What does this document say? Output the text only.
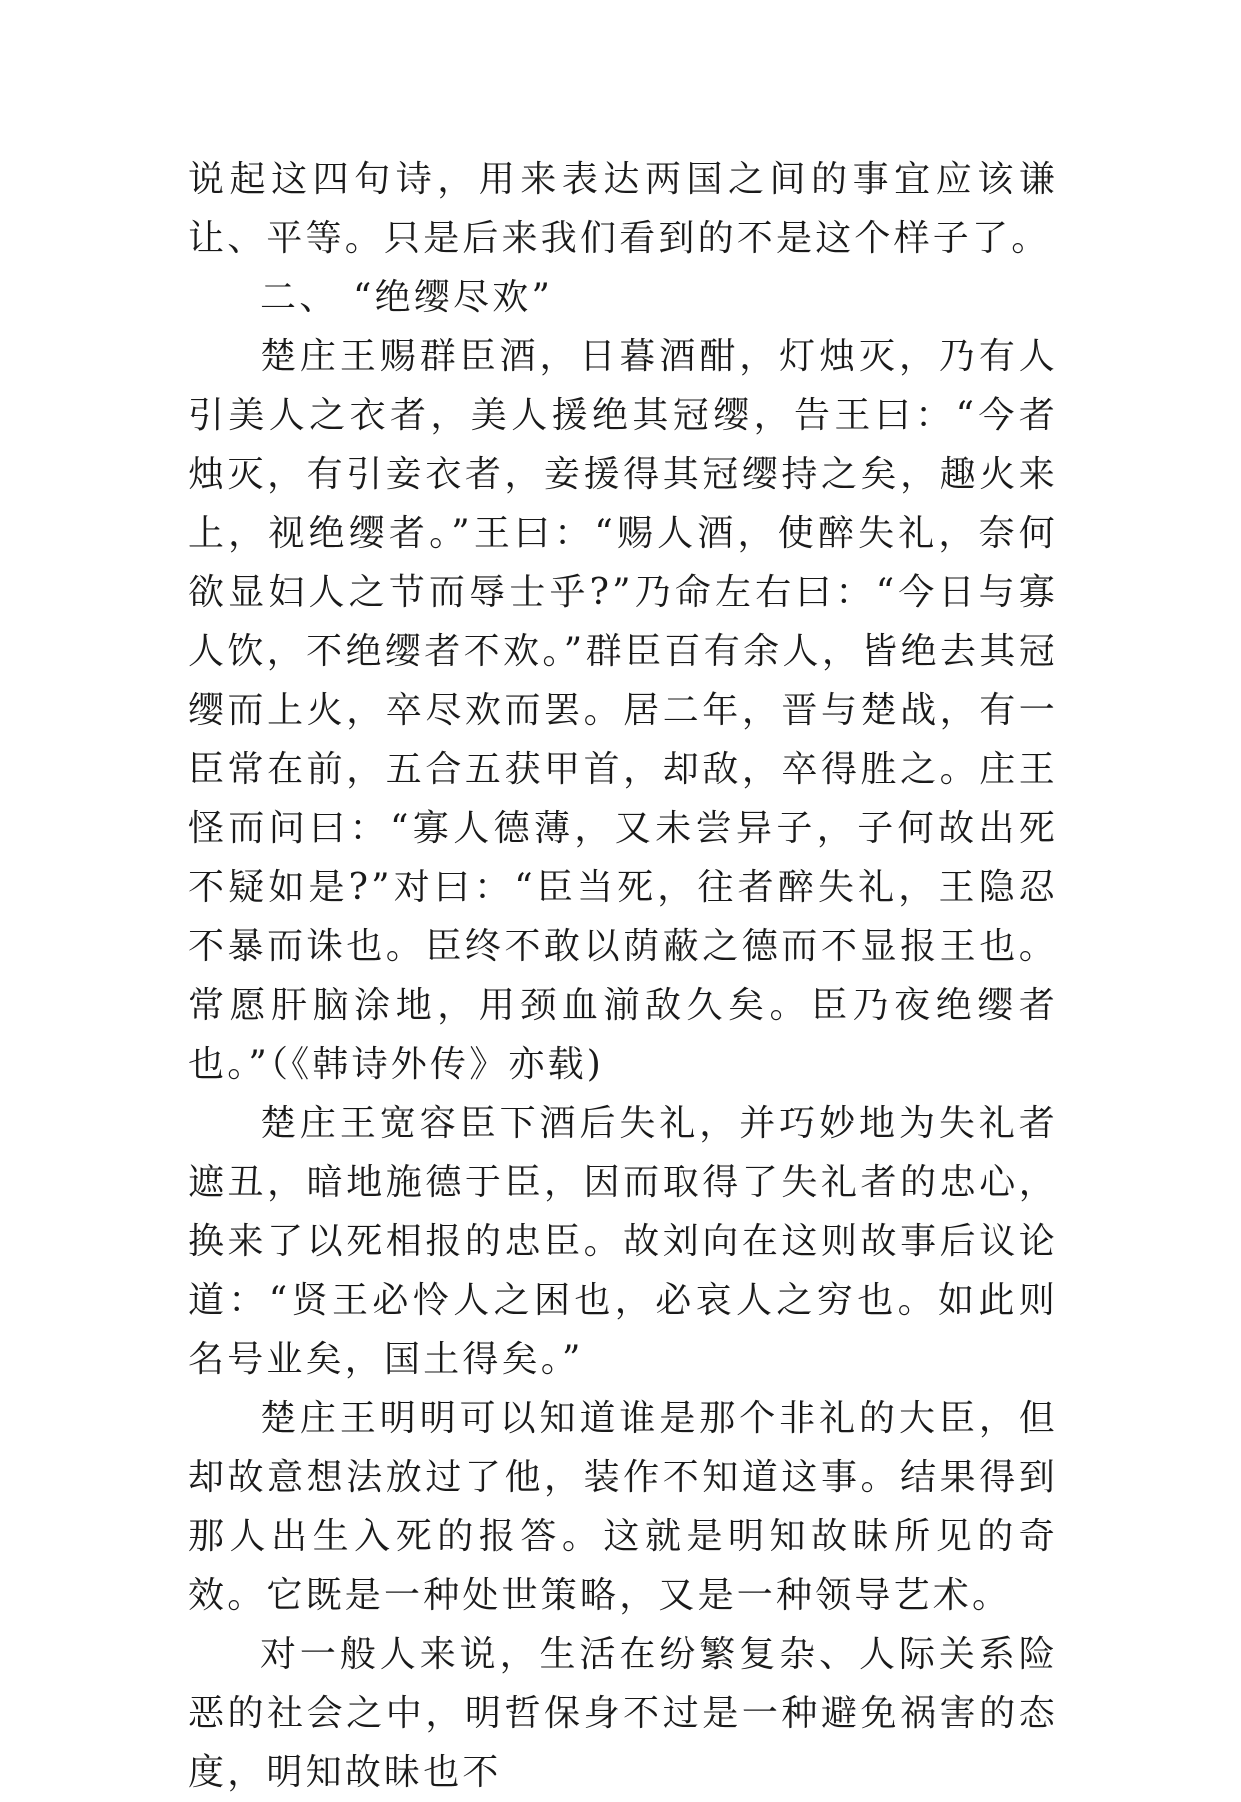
说起这四句诗，用来表达两国之间的事宜应该谦让、平等。只是后来我们看到的不是这个样子了。

二、 “绝缨尽欢”

楚庄王赐群臣酒，日暮酒酣，灯烛灭，乃有人引美人之衣者，美人援绝其冠缨，告王曰：“今者烛灭，有引妾衣者，妾援得其冠缨持之矣，趣火来上，视绝缨者。”王曰：“赐人酒，使醉失礼，奈何欲显妇人之节而辱士乎?”乃命左右曰：“今日与寡人饮，不绝缨者不欢。”群臣百有余人，皆绝去其冠缨而上火，卒尽欢而罢。居二年，晋与楚战，有一臣常在前，五合五获甲首，却敌，卒得胜之。庄王怪而问曰：“寡人德薄，又未尝异子，子何故出死不疑如是?”对曰：“臣当死，往者醉失礼，王隐忍不暴而诛也。臣终不敢以荫蔽之德而不显报王也。常愿肝脑涂地，用颈血湔敌久矣。臣乃夜绝缨者也。”（《韩诗外传》亦载)

楚庄王宽容臣下酒后失礼，并巧妙地为失礼者遮丑，暗地施德于臣，因而取得了失礼者的忠心，换来了以死相报的忠臣。故刘向在这则故事后议论道：“贤王必怜人之困也，必哀人之穷也。如此则名号业矣，国土得矣。”

楚庄王明明可以知道谁是那个非礼的大臣，但却故意想法放过了他，装作不知道这事。结果得到那人出生入死的报答。这就是明知故昧所见的奇效。它既是一种处世策略，又是一种领导艺术。

对一般人来说，生活在纷繁复杂、人际关系险恶的社会之中，明哲保身不过是一种避免祸害的态度，明知故昧也不
